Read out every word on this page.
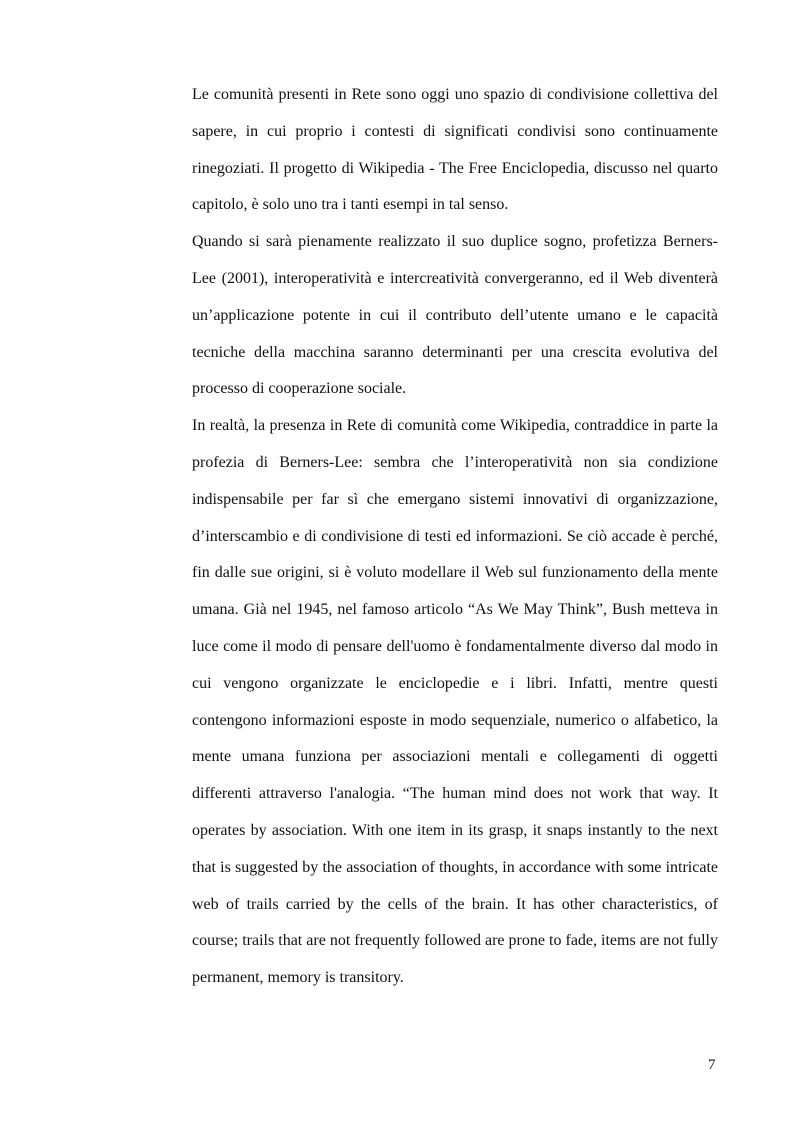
Le comunità presenti in Rete sono oggi uno spazio di condivisione collettiva del
sapere, in cui proprio i contesti di significati condivisi sono continuamente
rinegoziati. Il progetto di Wikipedia - The Free Enciclopedia, discusso nel quarto
capitolo, è solo uno tra i tanti esempi in tal senso.
Quando si sarà pienamente realizzato il suo duplice sogno, profetizza Berners-
Lee (2001), interoperatività e intercreatività convergeranno, ed il Web diventerà
un’applicazione potente in cui il contributo dell’utente umano e le capacità
tecniche della macchina saranno determinanti per una crescita evolutiva del
processo di cooperazione sociale.
In realtà, la presenza in Rete di comunità come Wikipedia, contraddice in parte la
profezia di Berners-Lee: sembra che l’interoperatività non sia condizione
indispensabile per far sì che emergano sistemi innovativi di organizzazione,
d’interscambio e di condivisione di testi ed informazioni. Se ciò accade è perché,
fin dalle sue origini, si è voluto modellare il Web sul funzionamento della mente
umana. Già nel 1945, nel famoso articolo “As We May Think”, Bush metteva in
luce come il modo di pensare dell'uomo è fondamentalmente diverso dal modo in
cui vengono organizzate le enciclopedie e i libri. Infatti, mentre questi
contengono informazioni esposte in modo sequenziale, numerico o alfabetico, la
mente umana funziona per associazioni mentali e collegamenti di oggetti
differenti attraverso l'analogia. “The human mind does not work that way. It
operates by association. With one item in its grasp, it snaps instantly to the next
that is suggested by the association of thoughts, in accordance with some intricate
web of trails carried by the cells of the brain. It has other characteristics, of
course; trails that are not frequently followed are prone to fade, items are not fully
permanent, memory is transitory.
7
